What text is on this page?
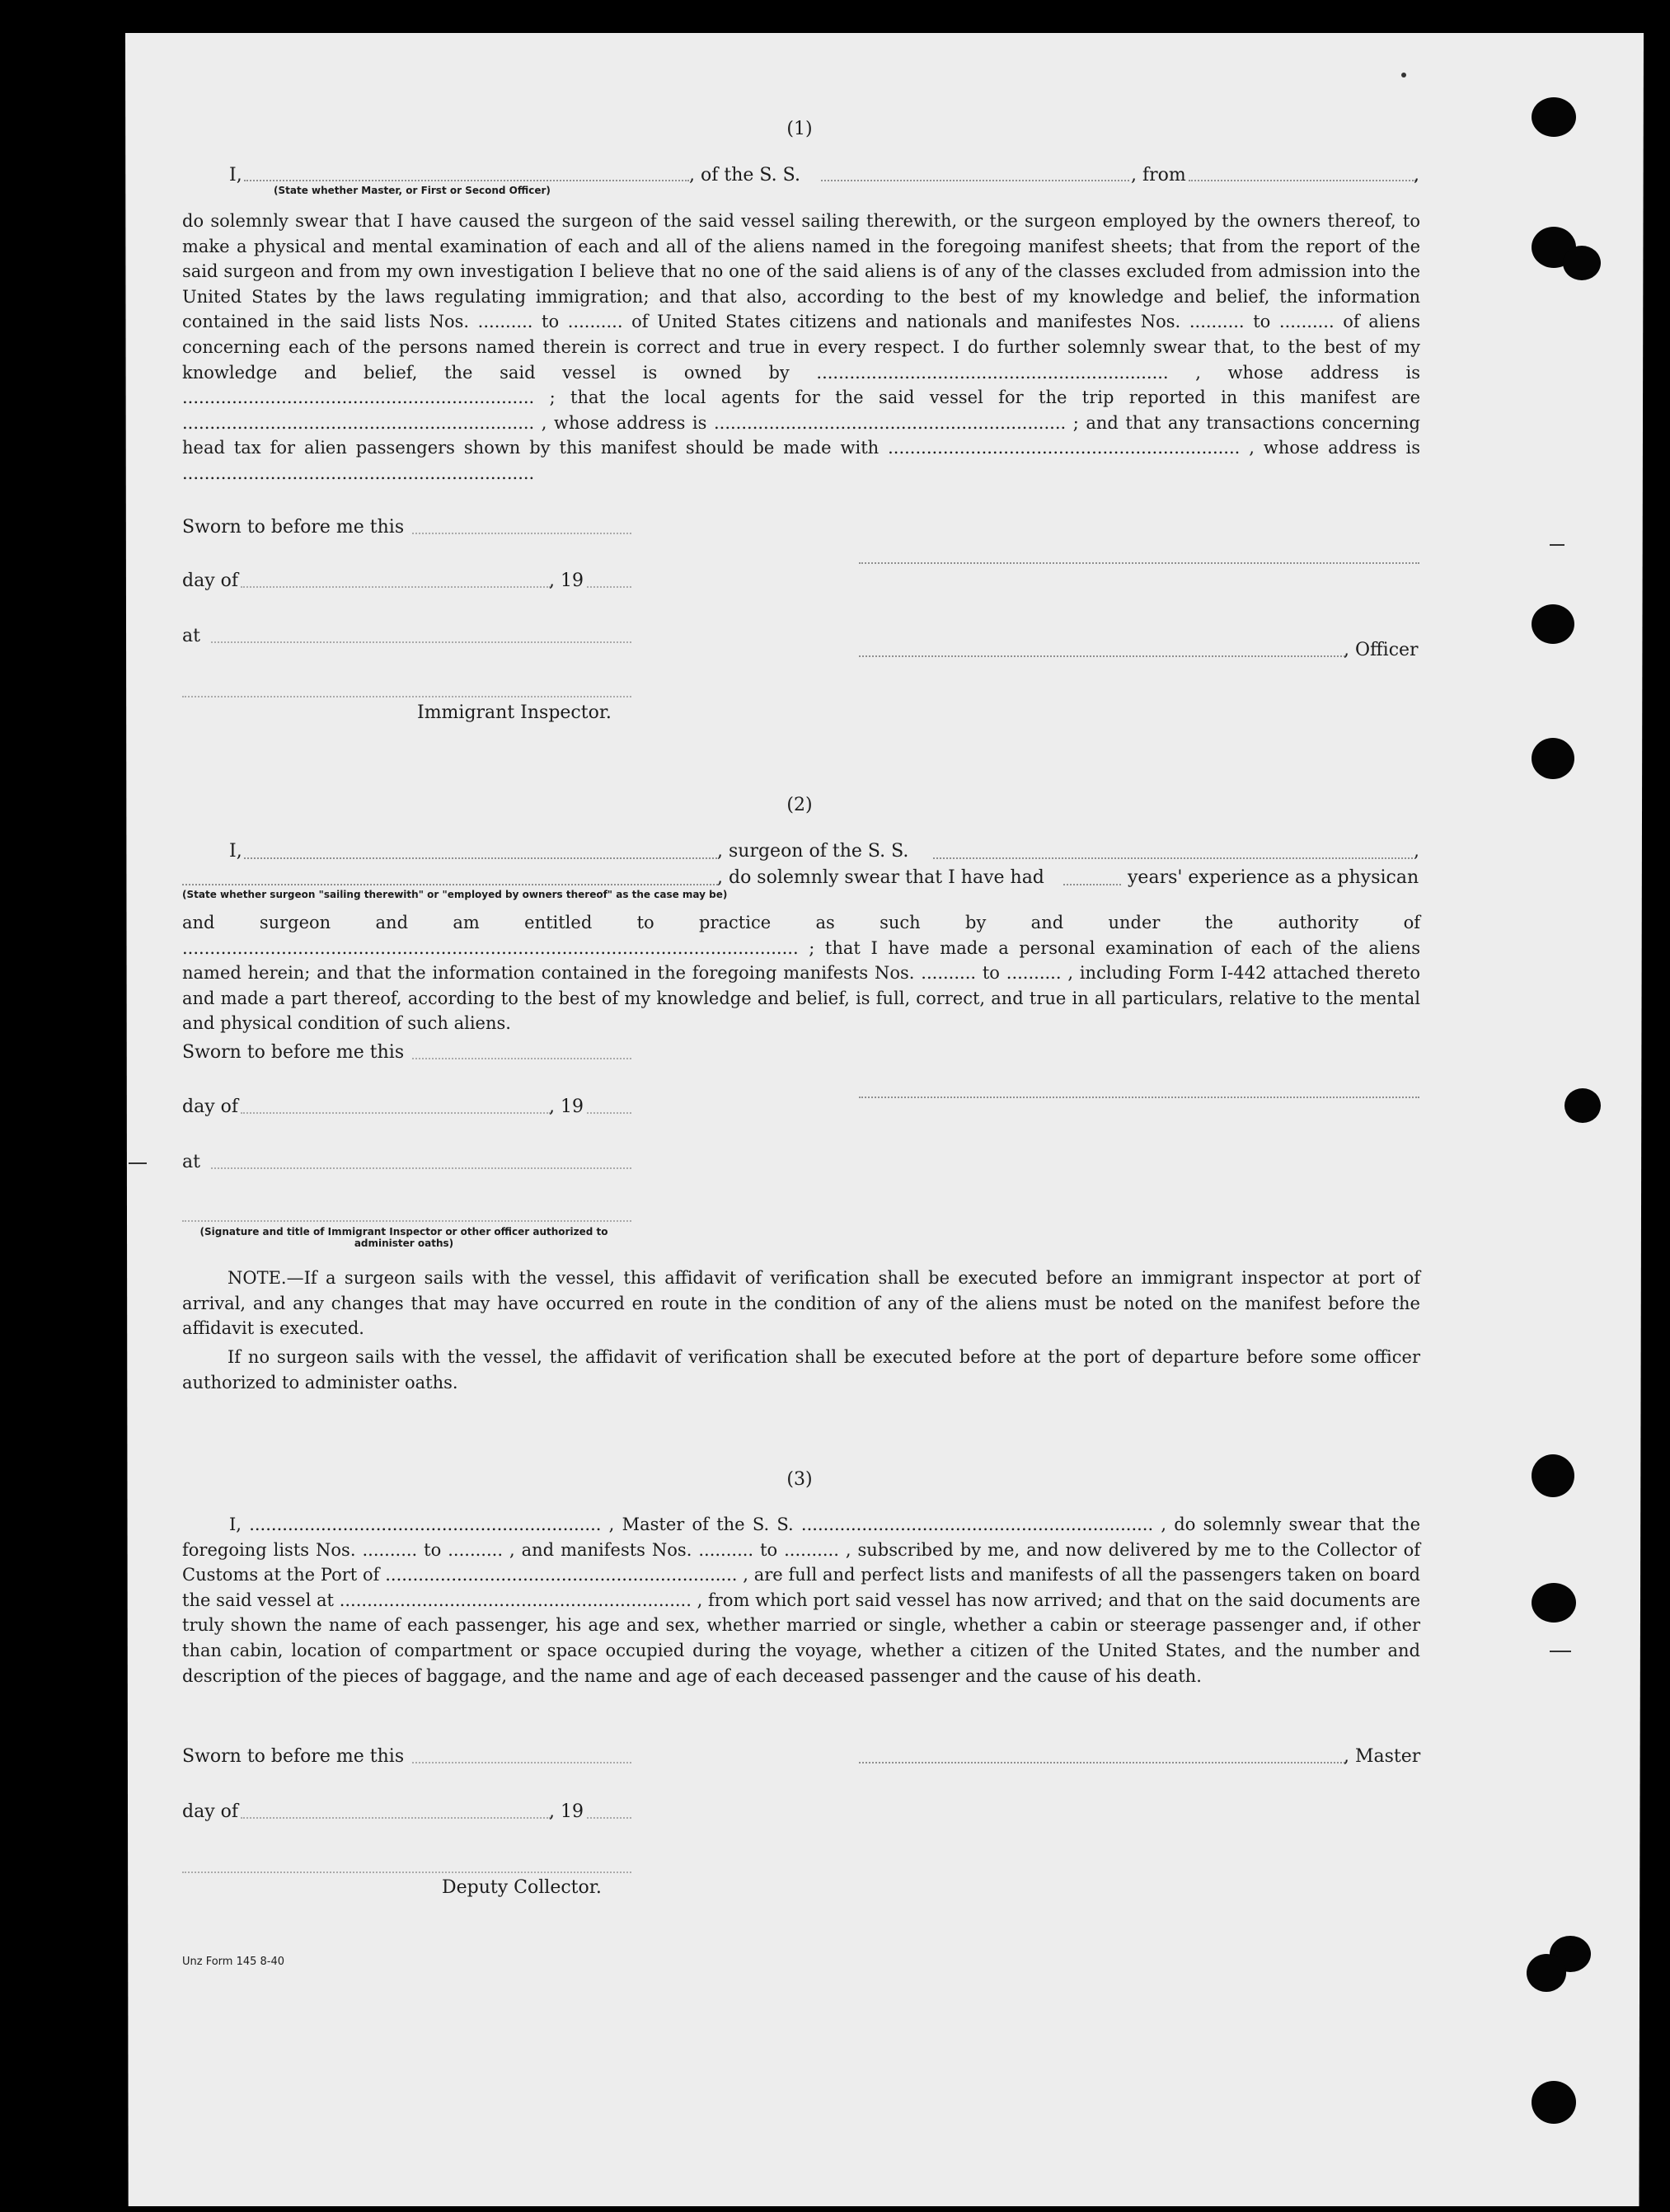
(1)
I,
(State whether Master, or First or Second Officer)
, of the S. S.	, from	,
do solemnly swear that I have caused the surgeon of the said vessel sailing therewith, or the surgeon employed by the owners thereof, to make a physical and mental examination of each and all of the aliens named in the foregoing manifest sheets; that from the report of the said surgeon and from my own investigation I believe that no one of the said aliens is of any of the classes excluded from admission into the United States by the laws regulating immigration; and that also, according to the best of my knowledge and belief, the information contained in the said lists Nos. .......... to .......... of United States citizens and nationals and manifestes Nos. .......... to .......... of aliens concerning each of the persons named therein is correct and true in every respect. I do further solemnly swear that, to the best of my knowledge and belief, the said vessel is owned by ................................................................ , whose address is ................................................................ ; that the local agents for the said vessel for the trip reported in this manifest are ................................................................ , whose address is ................................................................ ; and that any transactions concerning head tax for alien passengers shown by this manifest should be made with ................................................................ , whose address is ................................................................
Sworn to before me this
day of	, 19
at
, Officer
Immigrant Inspector.
(2)
I,	, surgeon of the S. S.	,
, do solemnly swear that I have had	years' experience as a physican
(State whether surgeon "sailing therewith" or "employed by owners thereof" as the case may be)
and surgeon and am entitled to practice as such by and under the authority of ................................................................................................................ ; that I have made a personal examination of each of the aliens named herein; and that the information contained in the foregoing manifests Nos. .......... to .......... , including Form I-442 attached thereto and made a part thereof, according to the best of my knowledge and belief, is full, correct, and true in all particulars, relative to the mental and physical condition of such aliens.
Sworn to before me this
day of	, 19
at
(Signature and title of Immigrant Inspector or other officer authorized to administer oaths)
NOTE.—If a surgeon sails with the vessel, this affidavit of verification shall be executed before an immigrant inspector at port of arrival, and any changes that may have occurred en route in the condition of any of the aliens must be noted on the manifest before the affidavit is executed.
If no surgeon sails with the vessel, the affidavit of verification shall be executed before at the port of departure before some officer authorized to administer oaths.
(3)
I, ................................................................ , Master of the S. S. ................................................................ , do solemnly swear that the foregoing lists Nos. .......... to .......... , and manifests Nos. .......... to .......... , subscribed by me, and now delivered by me to the Collector of Customs at the Port of ................................................................ , are full and perfect lists and manifests of all the passengers taken on board the said vessel at ................................................................ , from which port said vessel has now arrived; and that on the said documents are truly shown the name of each passenger, his age and sex, whether married or single, whether a cabin or steerage passenger and, if other than cabin, location of compartment or space occupied during the voyage, whether a citizen of the United States, and the number and description of the pieces of baggage, and the name and age of each deceased passenger and the cause of his death.
Sworn to before me this	, Master
day of	, 19
Deputy Collector.
Unz Form 145 8-40
